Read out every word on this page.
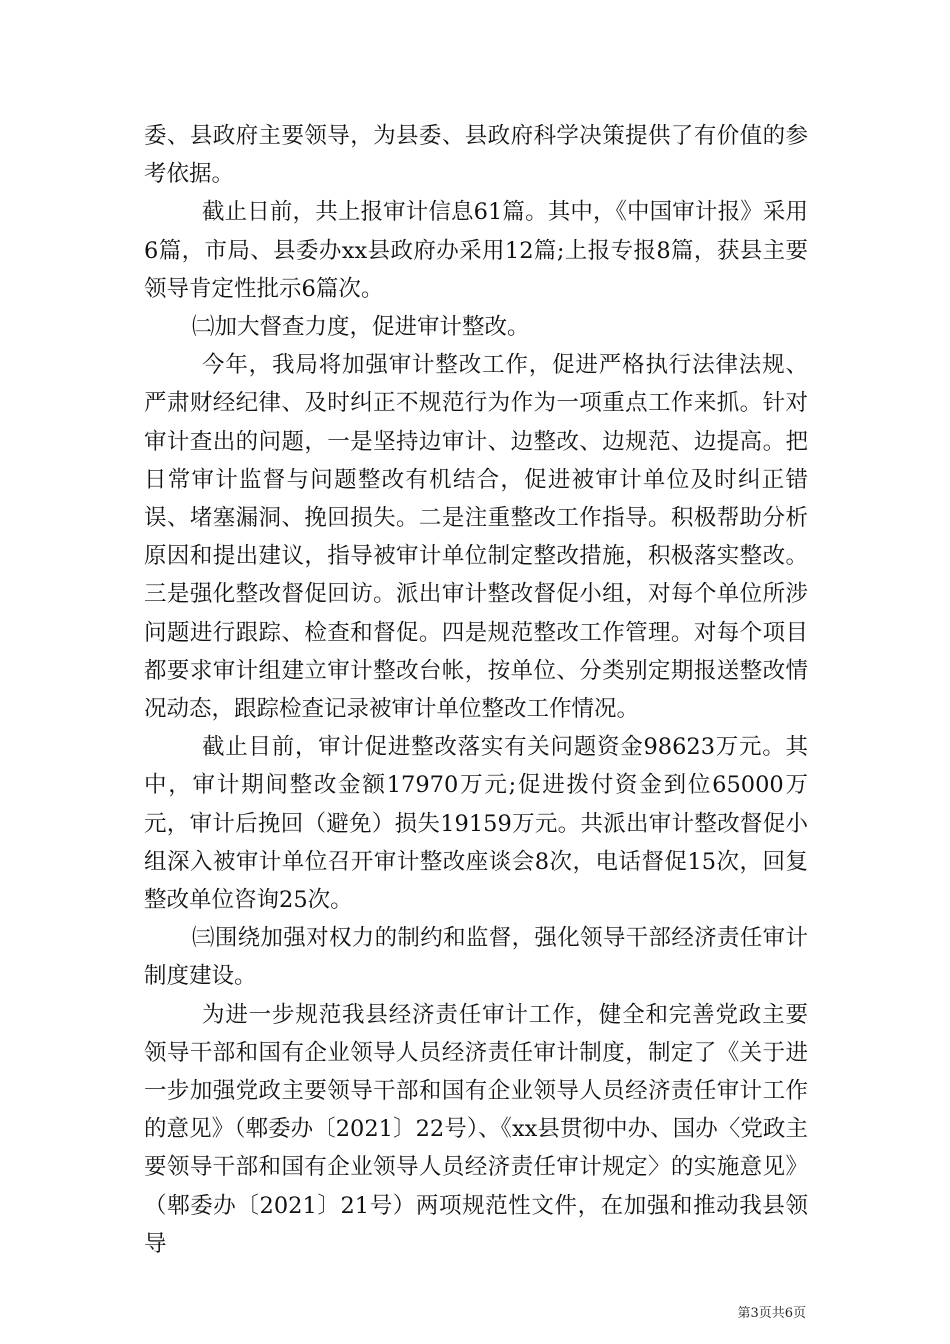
委、县政府主要领导，为县委、县政府科学决策提供了有价值的参考依据。

截止日前，共上报审计信息61篇。其中，《中国审计报》采用6篇，市局、县委办xx县政府办采用12篇;上报专报8篇，获县主要领导肯定性批示6篇次。

㈡加大督查力度，促进审计整改。

今年，我局将加强审计整改工作，促进严格执行法律法规、严肃财经纪律、及时纠正不规范行为作为一项重点工作来抓。针对审计查出的问题，一是坚持边审计、边整改、边规范、边提高。把日常审计监督与问题整改有机结合，促进被审计单位及时纠正错误、堵塞漏洞、挽回损失。二是注重整改工作指导。积极帮助分析原因和提出建议，指导被审计单位制定整改措施，积极落实整改。三是强化整改督促回访。派出审计整改督促小组，对每个单位所涉问题进行跟踪、检查和督促。四是规范整改工作管理。对每个项目都要求审计组建立审计整改台帐，按单位、分类别定期报送整改情况动态，跟踪检查记录被审计单位整改工作情况。

截止目前，审计促进整改落实有关问题资金98623万元。其中，审计期间整改金额17970万元;促进拨付资金到位65000万元，审计后挽回（避免）损失19159万元。共派出审计整改督促小组深入被审计单位召开审计整改座谈会8次，电话督促15次，回复整改单位咨询25次。

㈢围绕加强对权力的制约和监督，强化领导干部经济责任审计制度建设。

为进一步规范我县经济责任审计工作，健全和完善党政主要领导干部和国有企业领导人员经济责任审计制度，制定了《关于进一步加强党政主要领导干部和国有企业领导人员经济责任审计工作的意见》（郫委办〔2021〕22号）、《xx县贯彻中办、国办〈党政主要领导干部和国有企业领导人员经济责任审计规定〉的实施意见》（郫委办〔2021〕21号）两项规范性文件，在加强和推动我县领导

第3页共6页
